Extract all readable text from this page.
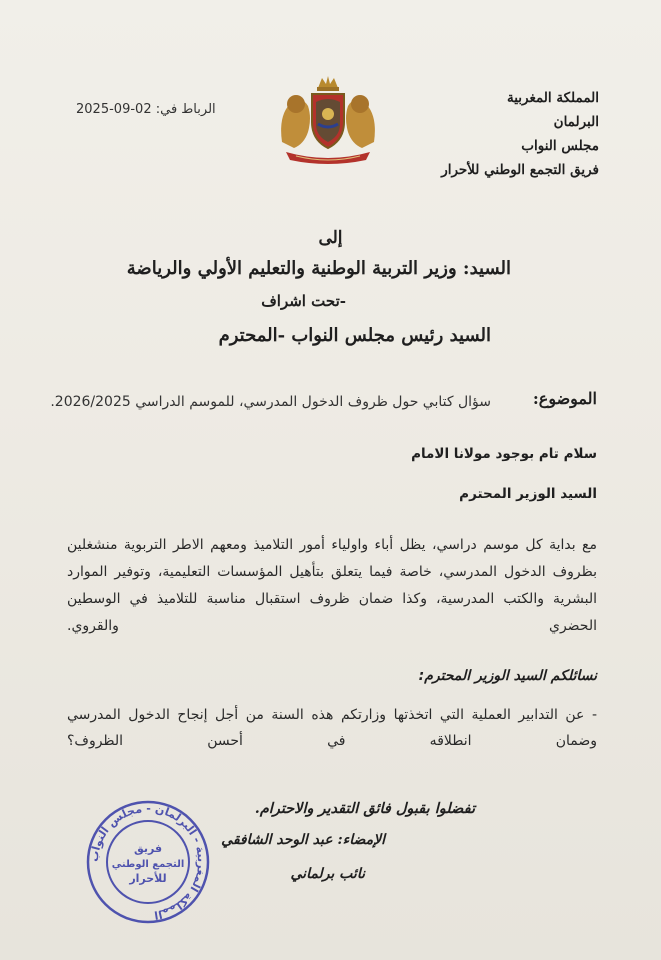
المملكة المغربية
البرلمان
مجلس النواب
فريق التجمع الوطني للأحرار
الرباط في: 02-09-2025
إلى
السيد: وزير التربية الوطنية والتعليم الأولي والرياضة
-تحت اشراف
السيد رئيس مجلس النواب -المحترم
الموضوع:
سؤال كتابي حول ظروف الدخول المدرسي، للموسم الدراسي 2026/2025.
سلام تام بوجود مولانا الامام
السيد الوزير المحترم
مع بداية كل موسم دراسي، يظل أباء واولياء أمور التلاميذ ومعهم الاطر التربوية منشغلين بظروف الدخول المدرسي، خاصة فيما يتعلق بتأهيل المؤسسات التعليمية، وتوفير الموارد البشرية والكتب المدرسية، وكذا ضمان ظروف استقبال مناسبة للتلاميذ في الوسطين الحضري والقروي.
نسائلكم السيد الوزير المحترم:
- عن التدابير العملية التي اتخذتها وزارتكم هذه السنة من أجل إنجاح الدخول المدرسي وضمان انطلاقه في أحسن الظروف؟
تفضلوا بقبول فائق التقدير والاحترام.
الإمضاء: عبد الوحد الشافقي
نائب برلماني
المملكة المغربية - البرلمان - مجلس النواب
فريق
التجمع الوطني
للأحرار
